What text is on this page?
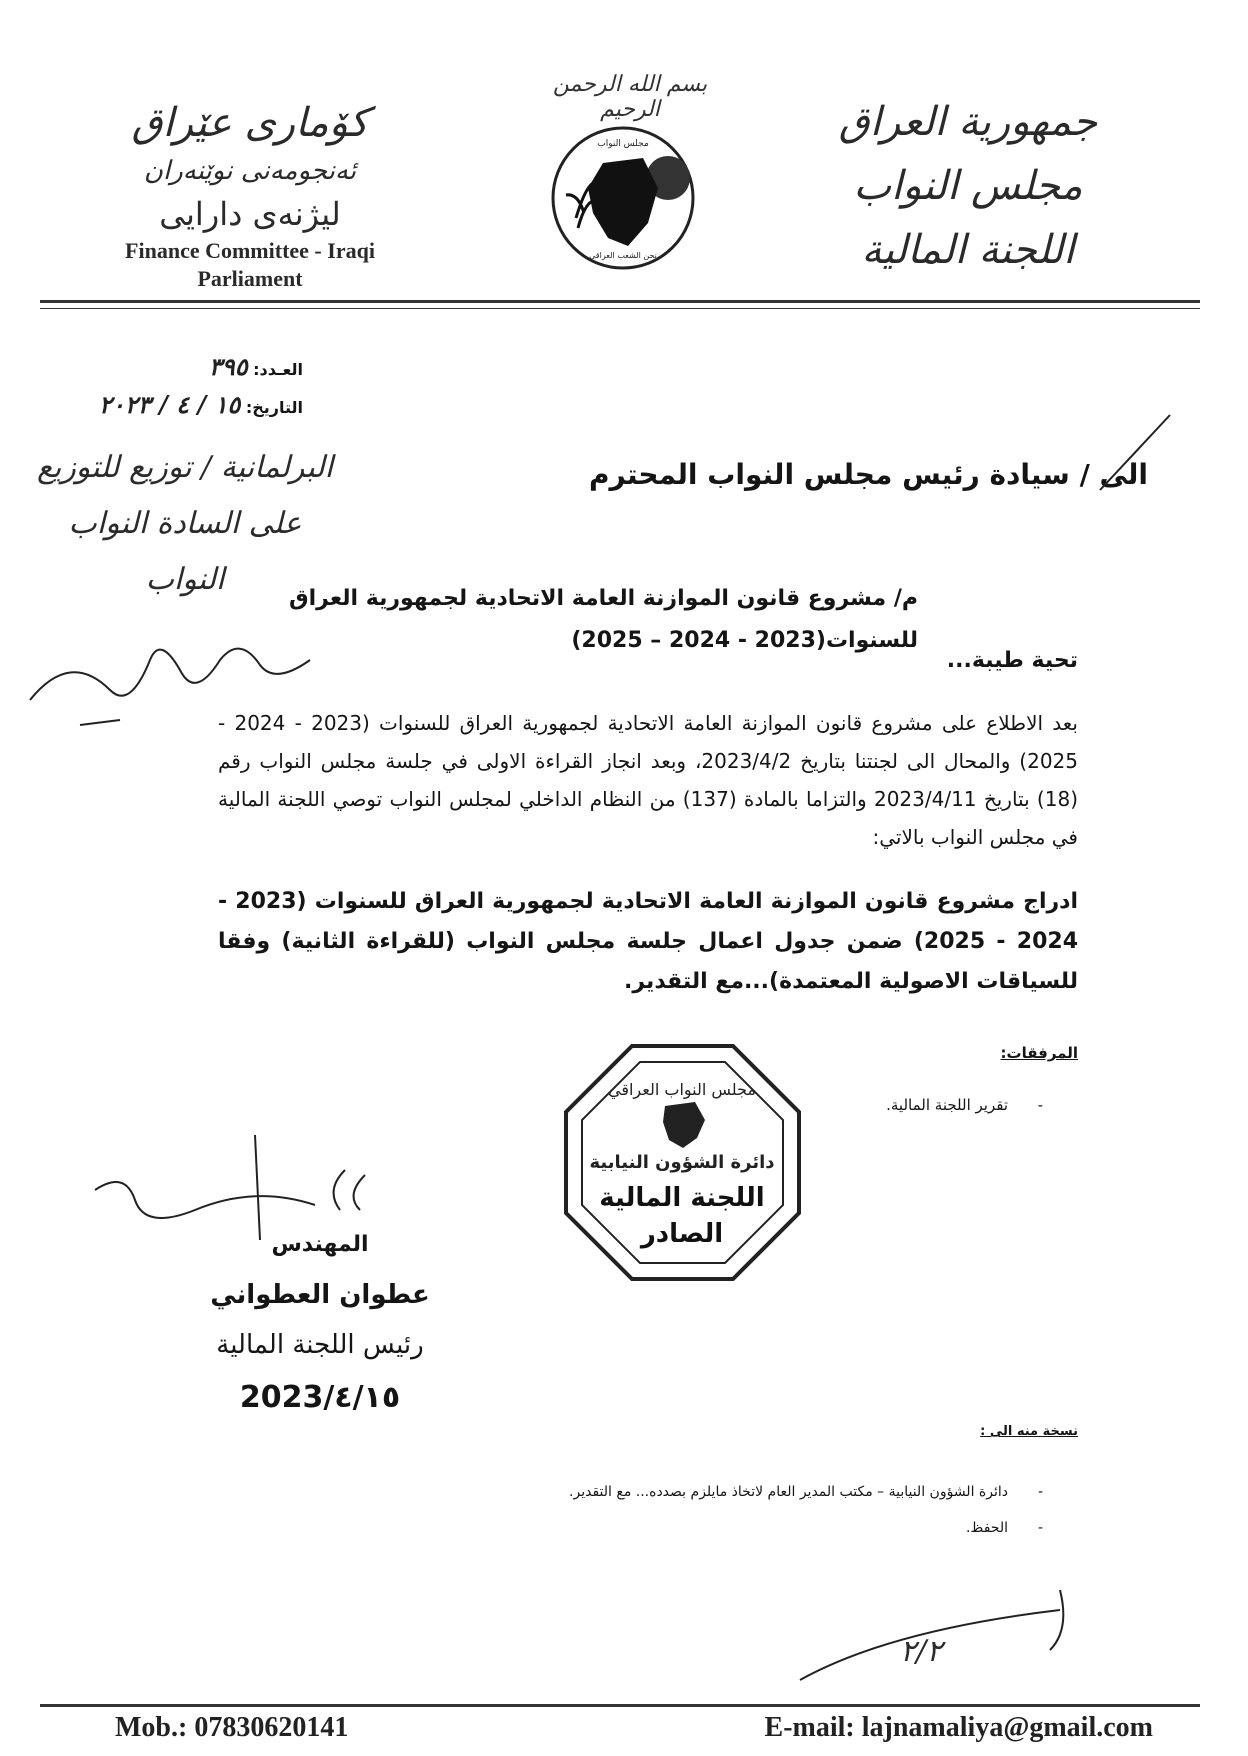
جمهورية العراق
مجلس النواب
اللجنة المالية
بسم الله الرحمن الرحيم
مجلس النواب
نحن الشعب العراقي
كۆماری عێراق
ئه‌نجومه‌نی نوێنه‌ران
لیژنه‌ی دارایی
Finance Committee - Iraqi
Parliament
العـدد: ٣٩٥
التاريخ: ١٥ / ٤ / ٢٠٢٣
الى / سيادة رئيس مجلس النواب المحترم
البرلمانية / توزيع للتوزيع
على السادة النواب
النواب
م/ مشروع قانون الموازنة العامة الاتحادية لجمهورية العراق
للسنوات(2023 - 2024 – 2025)
تحية طيبة...
بعد الاطلاع على مشروع قانون الموازنة العامة الاتحادية لجمهورية العراق للسنوات (2023 - 2024 - 2025) والمحال الى لجنتنا بتاريخ 2023/4/2، وبعد انجاز القراءة الاولى في جلسة مجلس النواب رقم (18) بتاريخ 2023/4/11 والتزاما بالمادة (137) من النظام الداخلي لمجلس النواب توصي اللجنة المالية في مجلس النواب بالاتي:
ادراج مشروع قانون الموازنة العامة الاتحادية لجمهورية العراق للسنوات (2023 - 2024 - 2025) ضمن جدول اعمال جلسة مجلس النواب (للقراءة الثانية) وفقا للسياقات الاصولية المعتمدة)...مع التقدير.
المرفقات:
-
تقرير اللجنة المالية.
مجلس النواب العراقي
دائرة الشؤون النيابية
اللجنة المالية
الصادر
المهندس
عطوان العطواني
رئيس اللجنة المالية
2023/٤/١٥
نسخة منه الى :
-
دائرة الشؤون النيابية – مكتب المدير العام لاتخاذ مايلزم بصدده... مع التقدير.
-
الحفظ.
٢/٢
Mob.: 07830620141	E-mail: lajnamaliya@gmail.com
